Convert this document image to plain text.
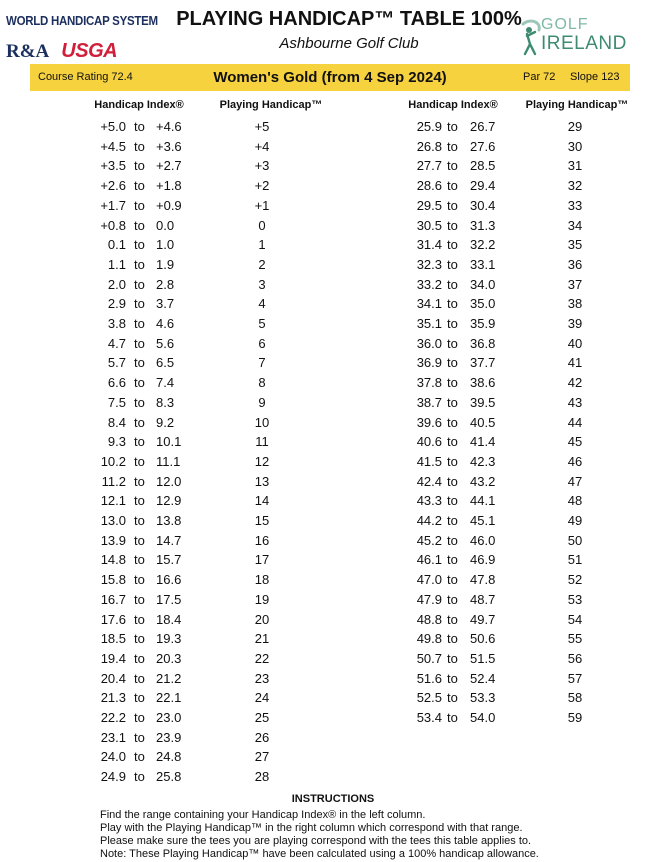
WORLD HANDICAP SYSTEM
R&A USGA
GOLF
IRELAND
PLAYING HANDICAP™ TABLE 100%
Ashbourne Golf Club
Course Rating 72.4	Women's Gold (from 4 Sep 2024)	Par 72 Slope 123
Handicap Index®	Playing Handicap™	Handicap Index®	Playing Handicap™
+5.0 to +4.6	+5
+4.5 to +3.6	+4
+3.5 to +2.7	+3
+2.6 to +1.8	+2
+1.7 to +0.9	+1
+0.8 to 0.0	0
0.1 to 1.0	1
1.1 to 1.9	2
2.0 to 2.8	3
2.9 to 3.7	4
3.8 to 4.6	5
4.7 to 5.6	6
5.7 to 6.5	7
6.6 to 7.4	8
7.5 to 8.3	9
8.4 to 9.2	10
9.3 to 10.1	11
10.2 to 11.1	12
11.2 to 12.0	13
12.1 to 12.9	14
13.0 to 13.8	15
13.9 to 14.7	16
14.8 to 15.7	17
15.8 to 16.6	18
16.7 to 17.5	19
17.6 to 18.4	20
18.5 to 19.3	21
19.4 to 20.3	22
20.4 to 21.2	23
21.3 to 22.1	24
22.2 to 23.0	25
23.1 to 23.9	26
24.0 to 24.8	27
24.9 to 25.8	28
25.9 to 26.7	29
26.8 to 27.6	30
27.7 to 28.5	31
28.6 to 29.4	32
29.5 to 30.4	33
30.5 to 31.3	34
31.4 to 32.2	35
32.3 to 33.1	36
33.2 to 34.0	37
34.1 to 35.0	38
35.1 to 35.9	39
36.0 to 36.8	40
36.9 to 37.7	41
37.8 to 38.6	42
38.7 to 39.5	43
39.6 to 40.5	44
40.6 to 41.4	45
41.5 to 42.3	46
42.4 to 43.2	47
43.3 to 44.1	48
44.2 to 45.1	49
45.2 to 46.0	50
46.1 to 46.9	51
47.0 to 47.8	52
47.9 to 48.7	53
48.8 to 49.7	54
49.8 to 50.6	55
50.7 to 51.5	56
51.6 to 52.4	57
52.5 to 53.3	58
53.4 to 54.0	59
INSTRUCTIONS
Find the range containing your Handicap Index® in the left column.
Play with the Playing Handicap™ in the right column which correspond with that range.
Please make sure the tees you are playing correspond with the tees this table applies to.
Note: These Playing Handicap™ have been calculated using a 100% handicap allowance.
